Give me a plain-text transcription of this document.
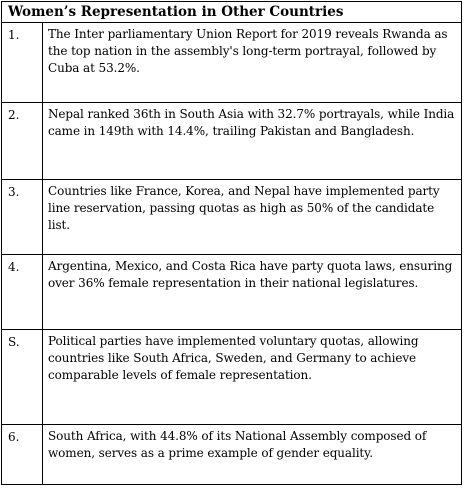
Women’s Representation in Other Countries
1.	The Inter parliamentary Union Report for 2019 reveals Rwanda as the top nation in the assembly's long-term portrayal, followed by Cuba at 53.2%.
2.	Nepal ranked 36th in South Asia with 32.7% portrayals, while India came in 149th with 14.4%, trailing Pakistan and Bangladesh.
3.	Countries like France, Korea, and Nepal have implemented party line reservation, passing quotas as high as 50% of the candidate list.
4.	Argentina, Mexico, and Costa Rica have party quota laws, ensuring over 36% female representation in their national legislatures.
S.	Political parties have implemented voluntary quotas, allowing countries like South Africa, Sweden, and Germany to achieve comparable levels of female representation.
6.	South Africa, with 44.8% of its National Assembly composed of women, serves as a prime example of gender equality.
